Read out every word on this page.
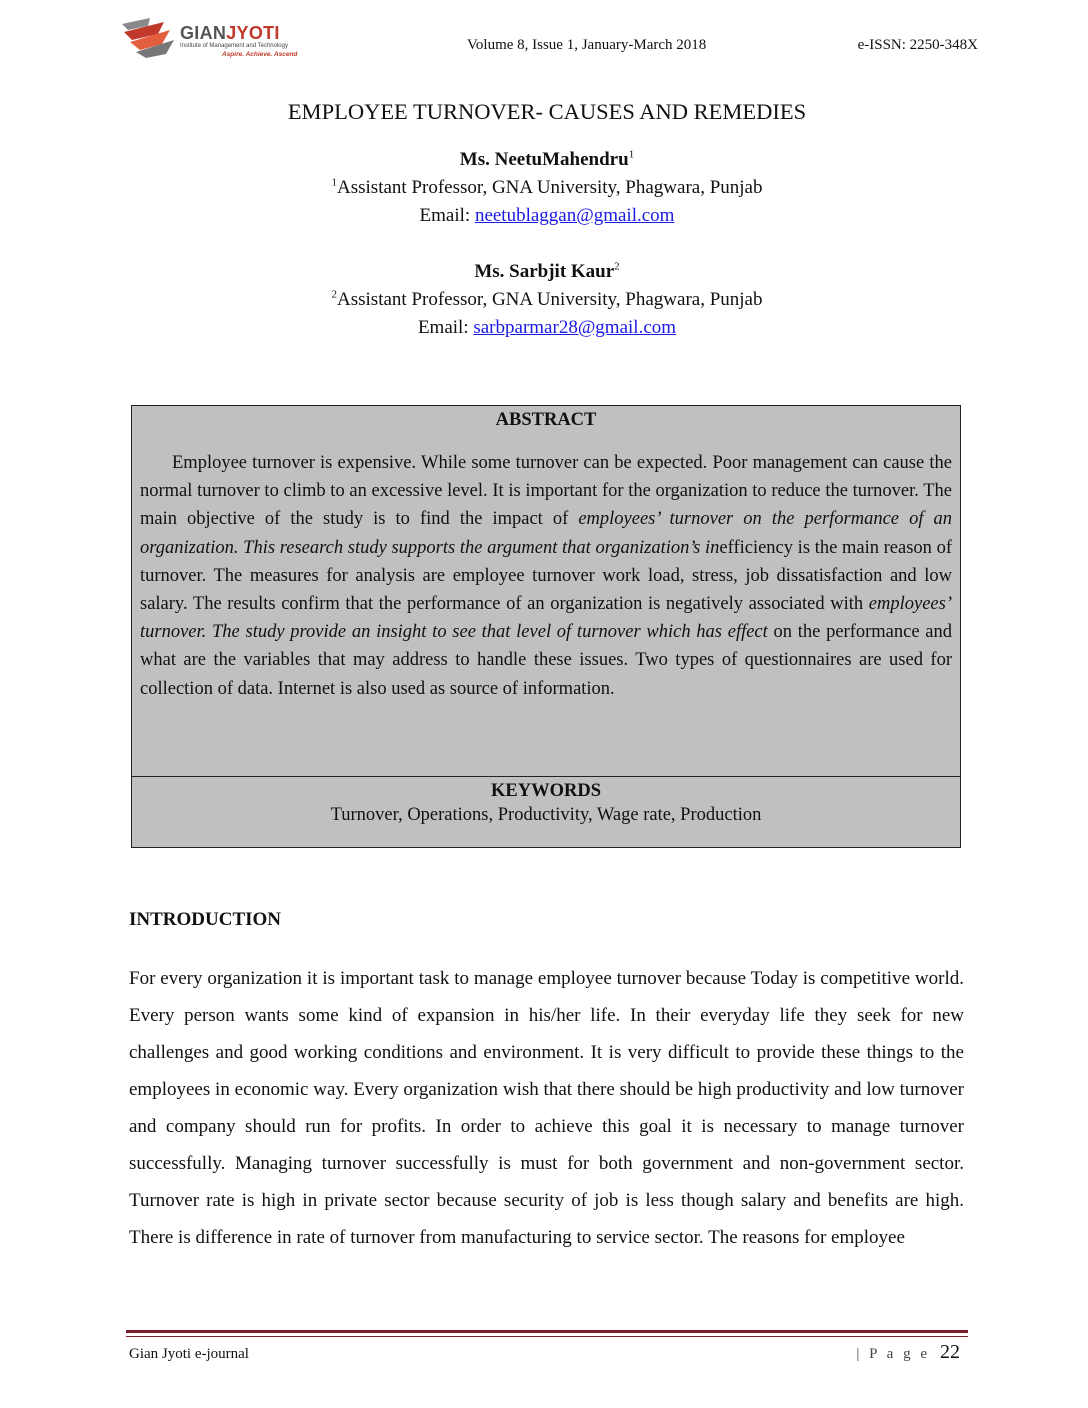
GIANJYOTI
Institute of Management and Technology
Aspire. Achieve. Ascend
Volume 8, Issue 1, January-March 2018	e-ISSN: 2250-348X
EMPLOYEE TURNOVER- CAUSES AND REMEDIES
Ms. NeetuMahendru$^1$
$^1$Assistant Professor, GNA University, Phagwara, Punjab
Email: neetublaggan@gmail.com
Ms. Sarbjit Kaur$^2$
$^2$Assistant Professor, GNA University, Phagwara, Punjab
Email: sarbparmar28@gmail.com
ABSTRACT
Employee turnover is expensive. While some turnover can be expected. Poor management can cause the normal turnover to climb to an excessive level. It is important for the organization to reduce the turnover. The main objective of the study is to find the impact of employees’ turnover on the performance of an organization. This research study supports the argument that organization’s inefficiency is the main reason of turnover. The measures for analysis are employee turnover work load, stress, job dissatisfaction and low salary. The results confirm that the performance of an organization is negatively associated with employees’ turnover. The study provide an insight to see that level of turnover which has effect on the performance and what are the variables that may address to handle these issues. Two types of questionnaires are used for collection of data. Internet is also used as source of information.
KEYWORDS
Turnover, Operations, Productivity, Wage rate, Production
INTRODUCTION
For every organization it is important task to manage employee turnover because Today is competitive world. Every person wants some kind of expansion in his/her life. In their everyday life they seek for new challenges and good working conditions and environment. It is very difficult to provide these things to the employees in economic way. Every organization wish that there should be high productivity and low turnover and company should run for profits. In order to achieve this goal it is necessary to manage turnover successfully. Managing turnover successfully is must for both government and non-government sector. Turnover rate is high in private sector because security of job is less though salary and benefits are high. There is difference in rate of turnover from manufacturing to service sector. The reasons for employee
Gian Jyoti e-journal	| P a g e 22
